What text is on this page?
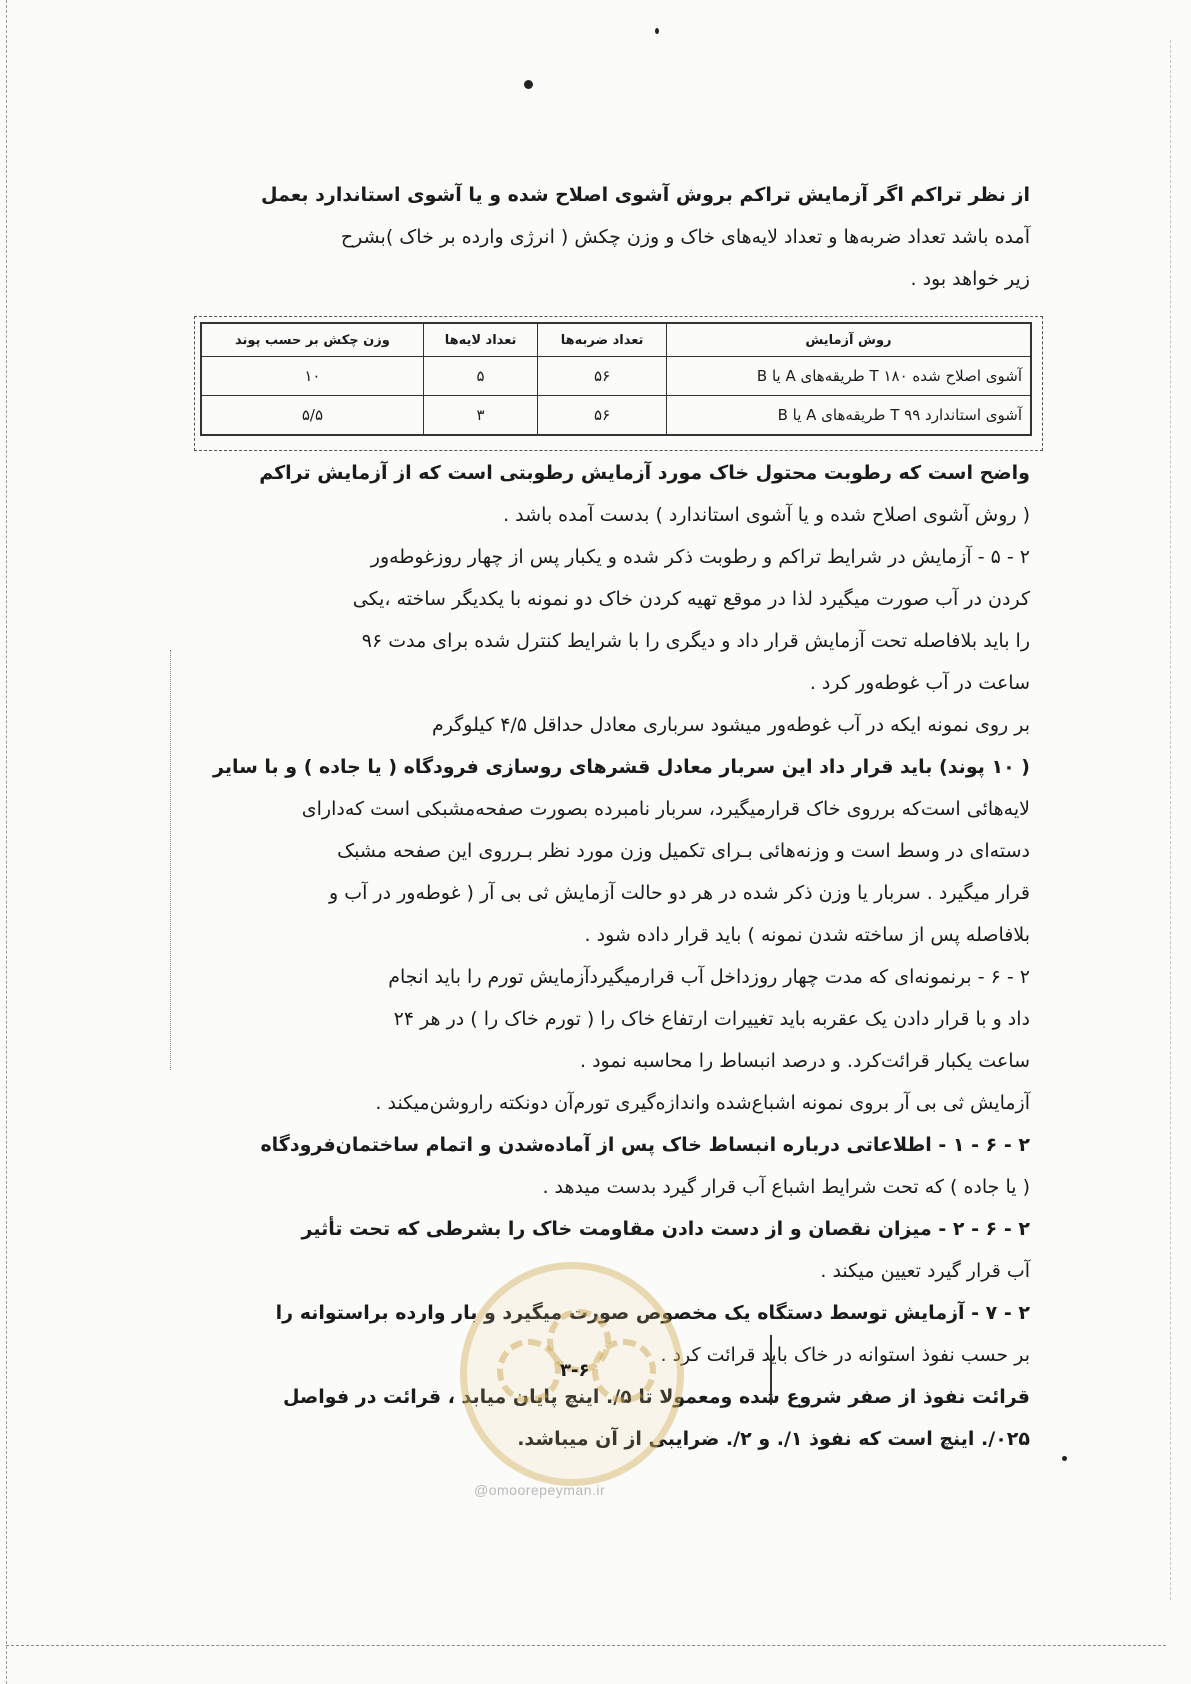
از نظر تراکم اگر آزمایش تراکم بروش آشوی اصلاح شده و یا آشوی استاندارد بعمل

آمده باشد تعداد ضربه‌ها و تعداد لایه‌های خاک و وزن چکش ( انرژی وارده بر خاک )بشرح

زیر خواهد بود .

روش آزمایش	تعداد ضربه‌ها	تعداد لایه‌ها	وزن چکش بر حسب پوند
آشوی اصلاح شده ۱۸۰ T طریقه‌های A یا B	۵۶	۵	۱۰
آشوی استاندارد ۹۹ T طریقه‌های A یا B	۵۶	۳	۵/۵

واضح است که رطوبت محتول خاک مورد آزمایش رطوبتی است که از آزمایش تراکم

( روش آشوی اصلاح شده و یا آشوی استاندارد ) بدست آمده باشد .

۲ - ۵ - آزمایش در شرایط تراکم و رطوبت ذکر شده و یکبار پس از چهار روزغوطه‌ور

کردن در آب صورت میگیرد لذا در موقع تهیه کردن خاک دو نمونه با یکدیگر ساخته ،یکی

را باید بلافاصله تحت آزمایش قرار داد و دیگری را با شرایط کنترل شده برای مدت ۹۶

ساعت در آب غوطه‌ور کرد .

بر روی نمونه ایکه در آب غوطه‌ور میشود سرباری معادل حداقل ۴/۵ کیلوگرم

( ۱۰ پوند) باید قرار داد این سربار معادل قشرهای روسازی فرودگاه ( یا جاده ) و با سایر

لایه‌هائی است‌که برروی خاک قرارمیگیرد، سربار نامبرده بصورت صفحه‌مشبکی است که‌دارای

دسته‌ای در وسط است و وزنه‌هائی بـرای تکمیل وزن مورد نظر بـرروی این صفحه مشبک

قرار میگیرد . سربار یا وزن ذکر شده در هر دو حالت آزمایش ثی بی آر ( غوطه‌ور در آب و

بلافاصله پس از ساخته شدن نمونه ) باید قرار داده شود .

۲ - ۶ - برنمونه‌ای که مدت چهار روزداخل آب قرارمیگیردآزمایش تورم را باید انجام

داد و با قرار دادن یک عقربه باید تغییرات ارتفاع خاک را ( تورم خاک را ) در هر ۲۴

ساعت یکبار قرائت‌کرد. و درصد انبساط را محاسبه نمود .

آزمایش ثی بی آر بروی نمونه اشباع‌شده واندازه‌گیری تورم‌آن دونکته راروشن‌میکند .

۲ - ۶ - ۱ - اطلاعاتی درباره انبساط خاک پس از آماده‌شدن و اتمام ساختمان‌فرودگاه

( یا جاده ) که تحت شرایط اشباع آب قرار گیرد بدست میدهد .

۲ - ۶ - ۲ - میزان نقصان و از دست دادن مقاومت خاک را بشرطی که تحت تأثیر

آب قرار گیرد تعیین میکند .

۲ - ۷ - آزمایش توسط دستگاه یک مخصوص صورت میگیرد و بار وارده براستوانه را

بر حسب نفوذ استوانه در خاک باید قرائت کرد .

قرائت نفوذ از صفر شروع شده ومعمولا تا ۵/. اینچ پایان میابد ، قرائت در فواصل

۰۲۵/. اینچ است که نفوذ ۱/. و ۲/. ضرایبی از آن میباشد.

۳-۶
@omoorepeyman.ir
